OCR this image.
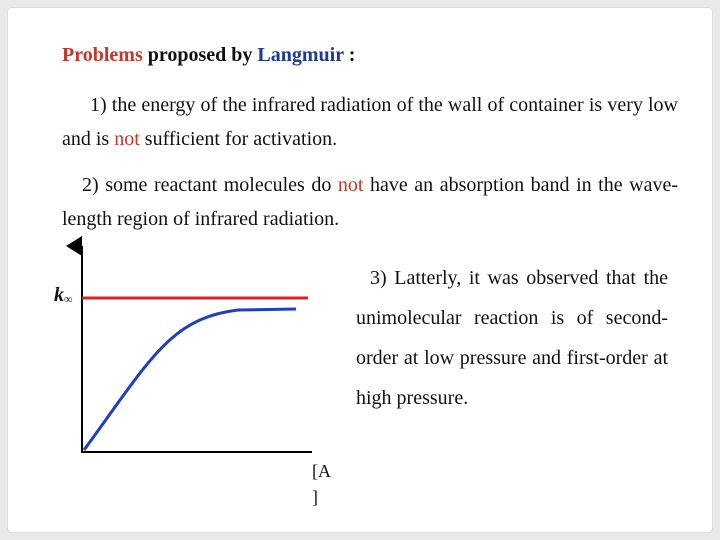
Problems proposed by Langmuir :
1) the energy of the infrared radiation of the wall of container is very low and is not sufficient for activation.
2) some reactant molecules do not have an absorption band in the wave-length region of infrared radiation.
3) Latterly, it was observed that the unimolecular reaction is of second-order at low pressure and first-order at high pressure.
$k_\infty$
[A
]
